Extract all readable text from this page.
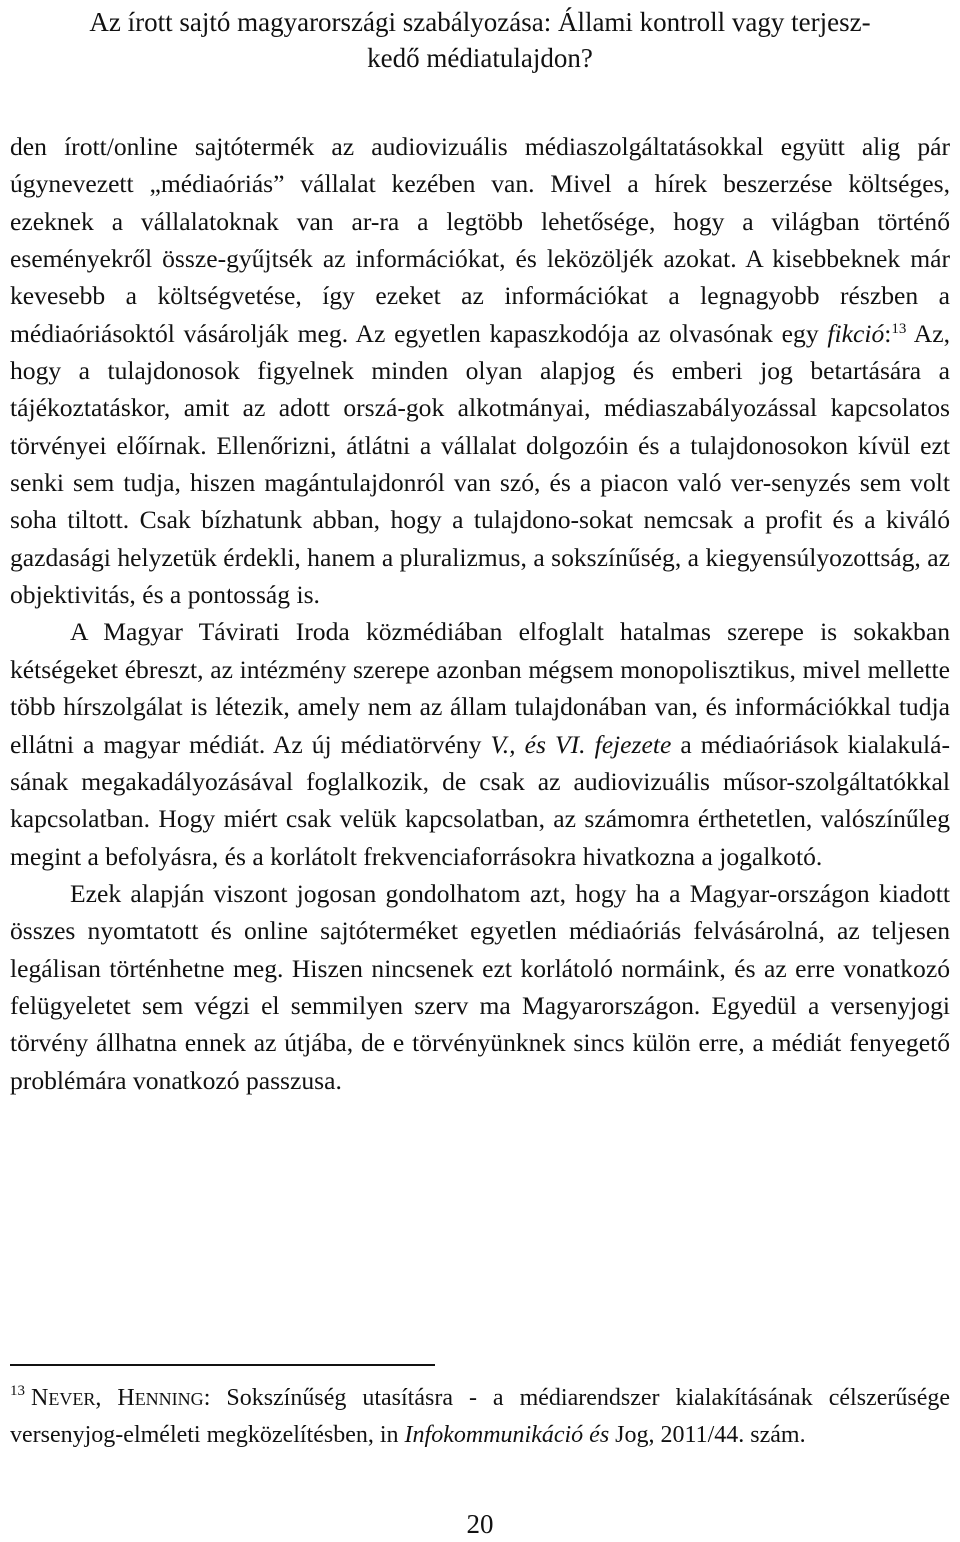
Az írott sajtó magyarországi szabályozása: Állami kontroll vagy terjesz-
kedő médiatulajdon?

den írott/online sajtótermék az audiovizuális médiaszolgáltatásokkal együtt alig pár úgynevezett „médiaóriás” vállalat kezében van. Mivel a hírek beszerzése költséges, ezeknek a vállalatoknak van ar-ra a legtöbb lehetősége, hogy a világban történő eseményekről össze-gyűjtsék az információkat, és leközöljék azokat. A kisebbeknek már kevesebb a költségvetése, így ezeket az információkat a legnagyobb részben a médiaóriásoktól vásárolják meg. Az egyetlen kapaszkodója az olvasónak egy fikció:$^{13}$ Az, hogy a tulajdonosok figyelnek minden olyan alapjog és emberi jog betartására a tájékoztatáskor, amit az adott orszá-gok alkotmányai, médiaszabályozással kapcsolatos törvényei előírnak. Ellenőrizni, átlátni a vállalat dolgozóin és a tulajdonosokon kívül ezt senki sem tudja, hiszen magántulajdonról van szó, és a piacon való ver-senyzés sem volt soha tiltott. Csak bízhatunk abban, hogy a tulajdono-sokat nemcsak a profit és a kiváló gazdasági helyzetük érdekli, hanem a pluralizmus, a sokszínűség, a kiegyensúlyozottság, az objektivitás, és a pontosság is.

A Magyar Távirati Iroda közmédiában elfoglalt hatalmas szerepe is sokakban kétségeket ébreszt, az intézmény szerepe azonban mégsem monopolisztikus, mivel mellette több hírszolgálat is létezik, amely nem az állam tulajdonában van, és információkkal tudja ellátni a magyar médiát. Az új médiatörvény V., és VI. fejezete a médiaóriások kialakulá-sának megakadályozásával foglalkozik, de csak az audiovizuális műsor-szolgáltatókkal kapcsolatban. Hogy miért csak velük kapcsolatban, az számomra érthetetlen, valószínűleg megint a befolyásra, és a korlátolt frekvenciaforrásokra hivatkozna a jogalkotó.

Ezek alapján viszont jogosan gondolhatom azt, hogy ha a Magyar-országon kiadott összes nyomtatott és online sajtóterméket egyetlen médiaóriás felvásárolná, az teljesen legálisan történhetne meg. Hiszen nincsenek ezt korlátoló normáink, és az erre vonatkozó felügyeletet sem végzi el semmilyen szerv ma Magyarországon. Egyedül a versenyjogi törvény állhatna ennek az útjába, de e törvényünknek sincs külön erre, a médiát fenyegető problémára vonatkozó passzusa.

$^{13}$ NEVER, HENNING: Sokszínűség utasításra - a médiarendszer kialakításának célszerűsége versenyjog-elméleti megközelítésben, in Infokommunikáció és Jog, 2011/44. szám.
20
